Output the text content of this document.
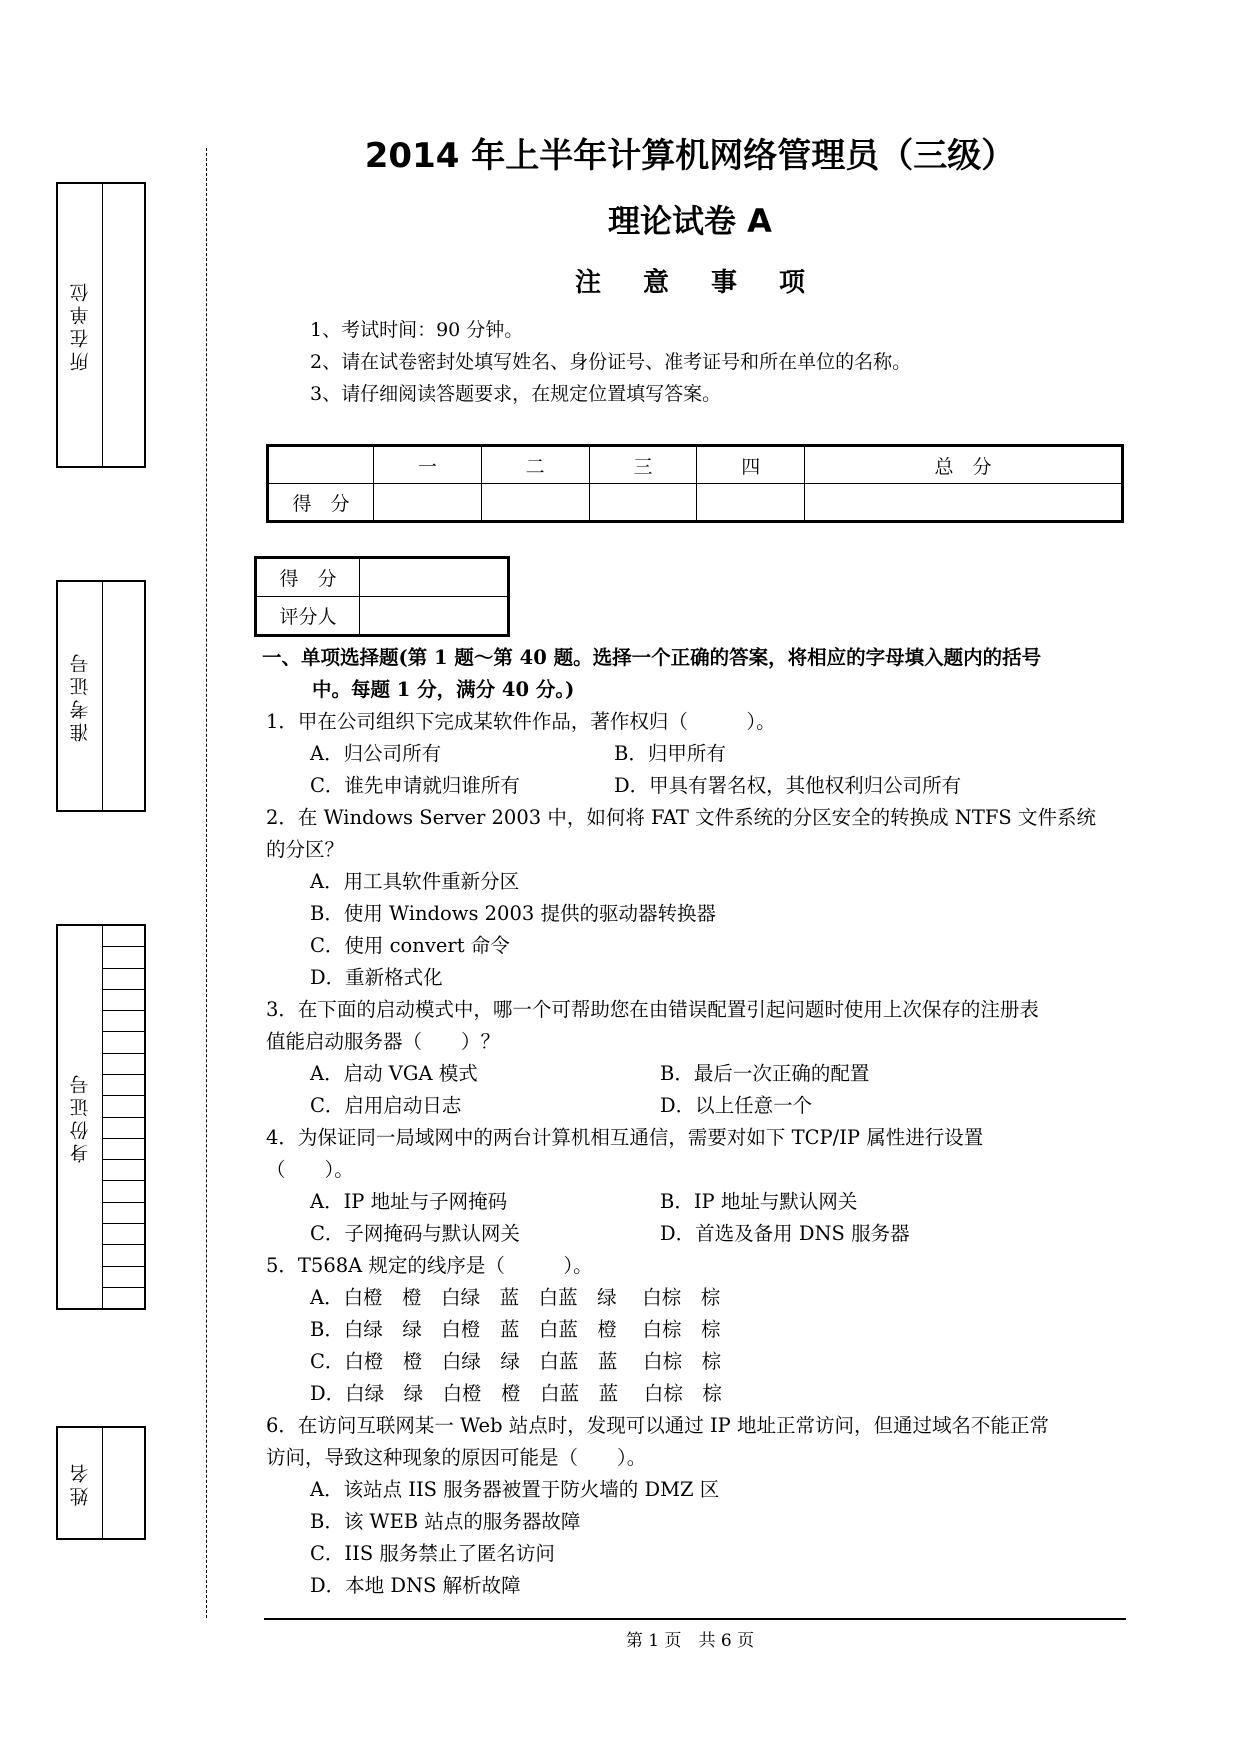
所在单位
准考证号
身份证号
姓名
2014 年上半年计算机网络管理员（三级）
理论试卷 A
注意事项
1、考试时间：90 分钟。
2、请在试卷密封处填写姓名、身份证号、准考证号和所在单位的名称。
3、请仔细阅读答题要求，在规定位置填写答案。
	一	二	三	四	总　分
得　分					
得　分	
评分人	
一、单项选择题(第 1 题～第 40 题。选择一个正确的答案，将相应的字母填入题内的括号
中。每题 1 分，满分 40 分。)
1．甲在公司组织下完成某软件作品，著作权归（　　　）。
A．归公司所有	B．归甲所有
C．谁先申请就归谁所有	D．甲具有署名权，其他权利归公司所有
2．在 Windows Server 2003 中，如何将 FAT 文件系统的分区安全的转换成 NTFS 文件系统
的分区？
A．用工具软件重新分区
B．使用 Windows 2003 提供的驱动器转换器
C．使用 convert 命令
D．重新格式化
3．在下面的启动模式中，哪一个可帮助您在由错误配置引起问题时使用上次保存的注册表
值能启动服务器（　　）？
A．启动 VGA 模式	B．最后一次正确的配置
C．启用启动日志	D．以上任意一个
4．为保证同一局域网中的两台计算机相互通信，需要对如下 TCP/IP 属性进行设置
（　　）。
A．IP 地址与子网掩码	B．IP 地址与默认网关
C．子网掩码与默认网关	D．首选及备用 DNS 服务器
5．T568A 规定的线序是（　　　）。
A．白橙　橙　白绿　蓝　白蓝　绿　 白棕　棕
B．白绿　绿　白橙　蓝　白蓝　橙　 白棕　棕
C．白橙　橙　白绿　绿　白蓝　蓝　 白棕　棕
D．白绿　绿　白橙　橙　白蓝　蓝　 白棕　棕
6．在访问互联网某一 Web 站点时，发现可以通过 IP 地址正常访问，但通过域名不能正常
访问，导致这种现象的原因可能是（　　）。
A．该站点 IIS 服务器被置于防火墙的 DMZ 区
B．该 WEB 站点的服务器故障
C．IIS 服务禁止了匿名访问
D．本地 DNS 解析故障
第 1 页　共 6 页
